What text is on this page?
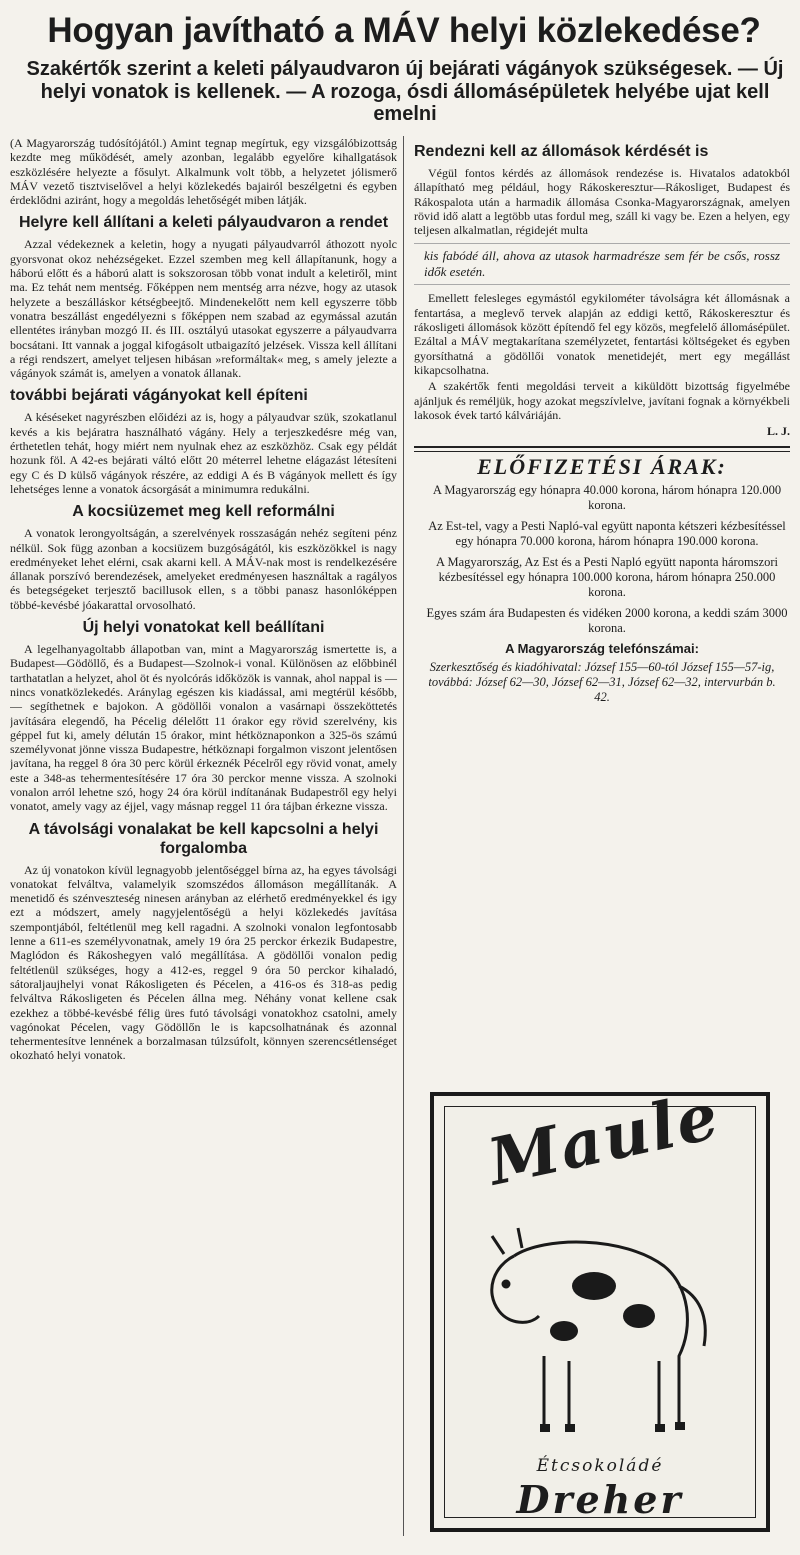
Hogyan javítható a MÁV helyi közlekedése?
Szakértők szerint a keleti pályaudvaron új bejárati vágányok szükségesek. — Új helyi vonatok is kellenek. — A rozoga, ósdi állomásépületek helyébe ujat kell emelni

(A Magyarország tudósítójától.) Amint tegnap megírtuk, egy vizsgálóbizottság kezdte meg működését, amely azonban, legalább egyelőre kihallgatások eszközlésére helyezte a fősulyt. Alkalmunk volt több, a helyzetet jólismerő MÁV vezető tisztviselővel a helyi közlekedés bajairól beszélgetni és egyben érdeklődni aziránt, hogy a megoldás lehetőségét miben látják.

Helyre kell állítani a keleti pályaudvaron a rendet

Azzal védekeznek a keletin, hogy a nyugati pályaudvarról áthozott nyolc gyorsvonat okoz nehézségeket. Ezzel szemben meg kell állapítanunk, hogy a háború előtt és a háború alatt is sokszorosan több vonat indult a keletiről, mint ma. Ez tehát nem mentség. Főképpen nem mentség arra nézve, hogy az utasok helyzete a beszálláskor kétségbeejtő. Mindenekelőtt nem kell egyszerre több vonatra beszállást engedélyezni s főképpen nem szabad az egymással azután ellentétes irányban mozgó II. és III. osztályú utasokat egyszerre a pályaudvarra bocsátani. Itt vannak a joggal kifogásolt utbaigazító jelzések. Vissza kell állítani a régi rendszert, amelyet teljesen hibásan »reformáltak« meg, s amely jelezte a vágányok számát is, amelyen a vonatok állanak.

további bejárati vágányokat kell építeni

A késéseket nagyrészben előidézi az is, hogy a pályaudvar szük, szokatlanul kevés a kis bejáratra használható vágány. Hely a terjeszkedésre még van, érthetetlen tehát, hogy miért nem nyulnak ehez az eszközhöz. Csak egy példát hozunk föl. A 42-es bejárati váltó előtt 20 méterrel lehetne elágazást létesíteni egy C és D külső vágányok részére, az eddigi A és B vágányok mellett és így lehetséges lenne a vonatok ácsorgását a minimumra redukálni.

A kocsiüzemet meg kell reformálni

A vonatok lerongyoltságán, a szerelvények rosszaságán nehéz segíteni pénz nélkül. Sok függ azonban a kocsiüzem buzgóságától, kis eszközökkel is nagy eredményeket lehet elérni, csak akarni kell. A MÁV-nak most is rendelkezésére állanak porszívó berendezések, amelyeket eredményesen használtak a ragályos és betegségeket terjesztő bacillusok ellen, s a többi panasz hasonlóképpen többé-kevésbé jóakarattal orvosolható.

Új helyi vonatokat kell beállítani

A legelhanyagoltabb állapotban van, mint a Magyarország ismertette is, a Budapest—Gödöllő, és a Budapest—Szolnok-i vonal. Különösen az előbbinél tarthatatlan a helyzet, ahol öt és nyolcórás időközök is vannak, ahol nappal is — nincs vonatközlekedés. Aránylag egészen kis kiadással, ami megtérül később, — segíthetnek e bajokon. A gödöllői vonalon a vasárnapi összeköttetés javítására elegendő, ha Pécelig délelőtt 11 órakor egy rövid szerelvény, kis géppel fut ki, amely délután 15 órakor, mint hétköznaponkon a 325-ös számú személyvonat jönne vissza Budapestre, hétköznapi forgalmon viszont jelentősen javítana, ha reggel 8 óra 30 perc körül érkeznék Pécelről egy rövid vonat, amely este a 348-as tehermentesítésére 17 óra 30 perckor menne vissza. A szolnoki vonalon arról lehetne szó, hogy 24 óra körül indítanának Budapestről egy helyi vonatot, amely vagy az éjjel, vagy másnap reggel 11 óra tájban érkezne vissza.

A távolsági vonalakat be kell kapcsolni a helyi forgalomba

Az új vonatokon kívül legnagyobb jelentőséggel bírna az, ha egyes távolsági vonatokat felváltva, valamelyik szomszédos állomáson megállítanák. A menetidő és szénveszteség ninesen arányban az elérhető eredményekkel és igy ezt a módszert, amely nagyjelentőségü a helyi közlekedés javítása szempontjából, feltétlenül meg kell ragadni. A szolnoki vonalon legfontosabb lenne a 611-es személyvonatnak, amely 19 óra 25 perckor érkezik Budapestre, Maglódon és Rákoshegyen való megállítása. A gödöllői vonalon pedig feltétlenül szükséges, hogy a 412-es, reggel 9 óra 50 perckor kihaladó, sátoraljaujhelyi vonat Rákosligeten és Pécelen, a 416-os és 318-as pedig felváltva Rákosligeten és Pécelen állna meg. Néhány vonat kellene csak ezekhez a többé-kevésbé félig üres futó távolsági vonatokhoz csatolni, amely vagónokat Pécelen, vagy Gödöllőn le is kapcsolhatnának és azonnal tehermentesítve lennének a borzalmasan túlzsúfolt, könnyen szerencsétlenséget okozható helyi vonatok.

Rendezni kell az állomások kérdését is

Végül fontos kérdés az állomások rendezése is. Hivatalos adatokból állapítható meg például, hogy Rákoskeresztur—Rákosliget, Budapest és Rákospalota után a harmadik állomása Csonka-Magyarországnak, amelyen rövid idő alatt a legtöbb utas fordul meg, száll ki vagy be. Ezen a helyen, egy teljesen alkalmatlan, régidejét multa

kis fabódé áll, ahova az utasok harmadrésze sem fér be csős, rossz idők esetén.

Emellett felesleges egymástól egykilométer távolságra két állomásnak a fentartása, a meglevő tervek alapján az eddigi kettő, Rákoskeresztur és rákosligeti állomások között építendő fel egy közös, megfelelő állomásépület. Ezáltal a MÁV megtakarítana személyzetet, fentartási költségeket és egyben gyorsíthatná a gödöllői vonatok menetidejét, mert egy megállást kikapcsolhatna.

A szakértők fenti megoldási terveit a kiküldött bizottság figyelmébe ajánljuk és reméljük, hogy azokat megszívlelve, javítani fognak a környékbeli lakosok évek tartó kálváriáján.

L. J.

ELŐFIZETÉSI ÁRAK:
A Magyarország egy hónapra 40.000 korona, három hónapra 120.000 korona.
Az Est-tel, vagy a Pesti Napló-val együtt naponta kétszeri kézbesítéssel egy hónapra 70.000 korona, három hónapra 190.000 korona.
A Magyarország, Az Est és a Pesti Napló együtt naponta háromszori kézbesítéssel egy hónapra 100.000 korona, három hónapra 250.000 korona.
Egyes szám ára Budapesten és vidéken 2000 korona, a keddi szám 3000 korona.
A Magyarország telefónszámai:
Szerkesztőség és kiadóhivatal: József 155—60-tól József 155—57-ig, továbbá: József 62—30, József 62—31, József 62—32, intervurbán b. 42.
Maule
Étcsokoládé
Dreher
